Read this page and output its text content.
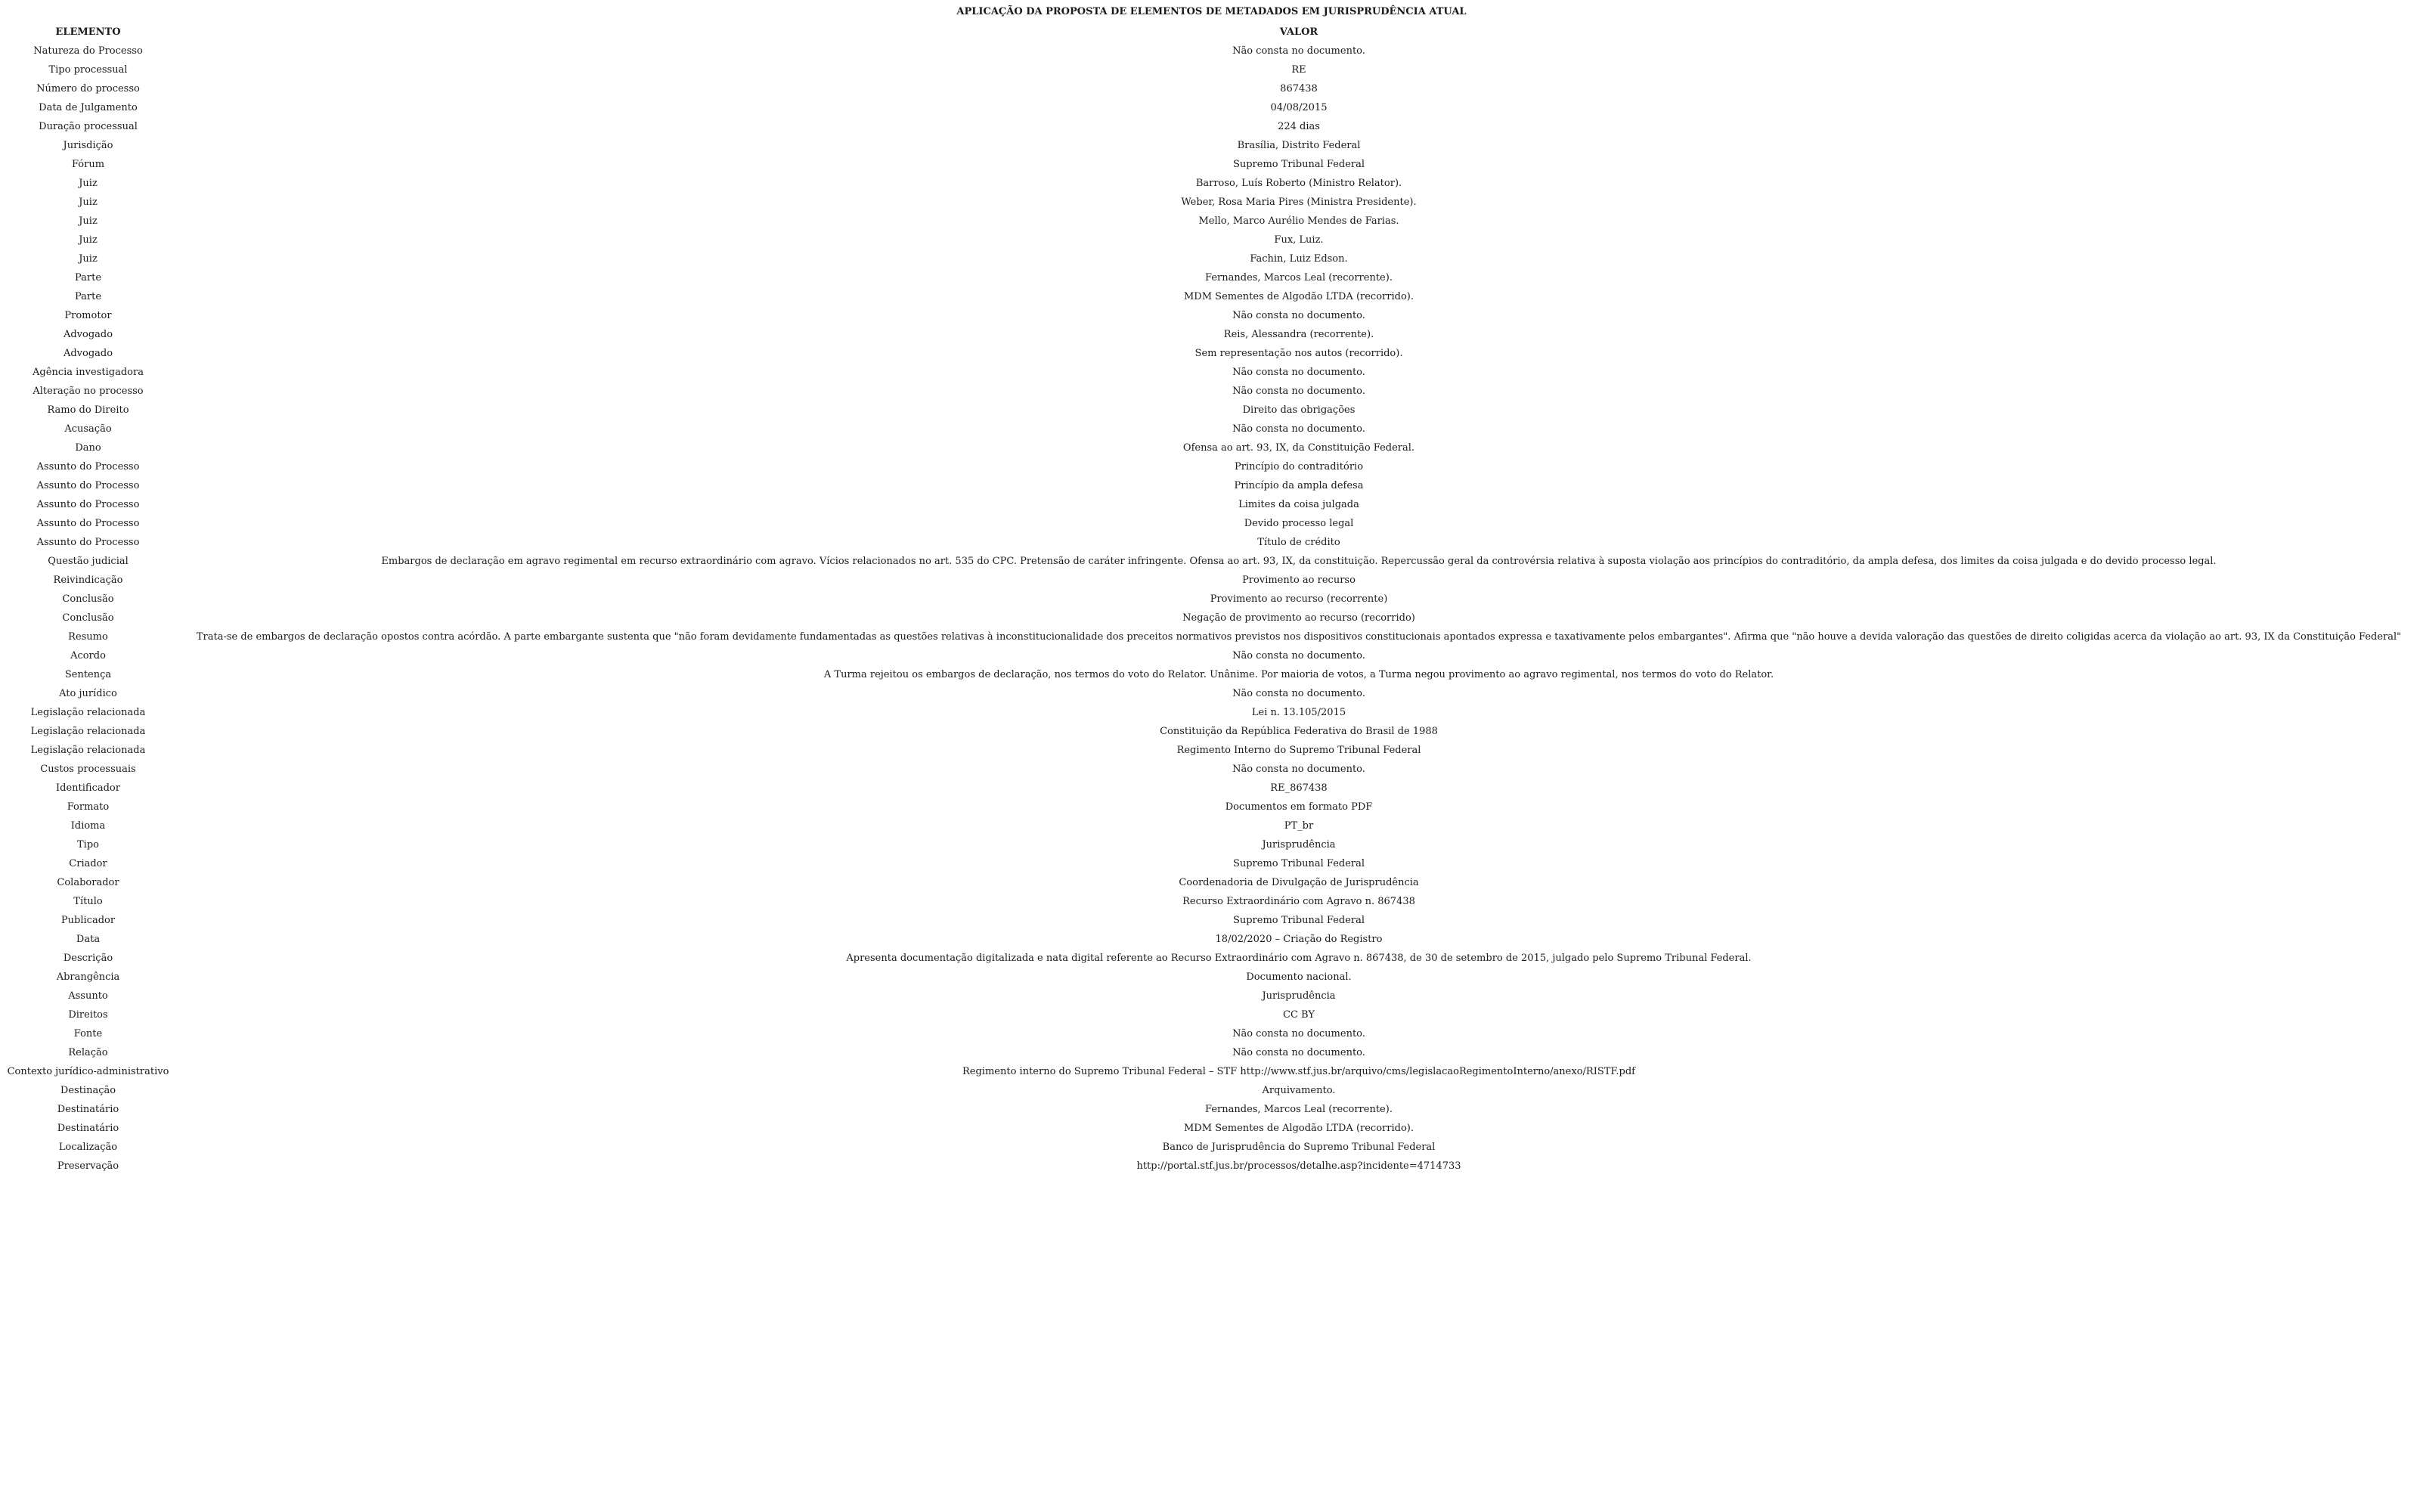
APLICAÇÃO DA PROPOSTA DE ELEMENTOS DE METADADOS EM JURISPRUDÊNCIA ATUAL
ELEMENTO	VALOR
Natureza do Processo	Não consta no documento.
Tipo processual	RE
Número do processo	867438
Data de Julgamento	04/08/2015
Duração processual	224 dias
Jurisdição	Brasília, Distrito Federal
Fórum	Supremo Tribunal Federal
Juiz	Barroso, Luís Roberto (Ministro Relator).
Juiz	Weber, Rosa Maria Pires (Ministra Presidente).
Juiz	Mello, Marco Aurélio Mendes de Farias.
Juiz	Fux, Luiz.
Juiz	Fachin, Luiz Edson.
Parte	Fernandes, Marcos Leal (recorrente).
Parte	MDM Sementes de Algodão LTDA (recorrido).
Promotor	Não consta no documento.
Advogado	Reis, Alessandra (recorrente).
Advogado	Sem representação nos autos (recorrido).
Agência investigadora	Não consta no documento.
Alteração no processo	Não consta no documento.
Ramo do Direito	Direito das obrigações
Acusação	Não consta no documento.
Dano	Ofensa ao art. 93, IX, da Constituição Federal.
Assunto do Processo	Princípio do contraditório
Assunto do Processo	Princípio da ampla defesa
Assunto do Processo	Limites da coisa julgada
Assunto do Processo	Devido processo legal
Assunto do Processo	Título de crédito
Questão judicial	Embargos de declaração em agravo regimental em recurso extraordinário com agravo. Vícios relacionados no art. 535 do CPC. Pretensão de caráter infringente. Ofensa ao art. 93, IX, da constituição. Repercussão geral da controvérsia relativa à suposta violação aos princípios do contraditório, da ampla defesa, dos limites da coisa julgada e do devido processo legal.
Reivindicação	Provimento ao recurso
Conclusão	Provimento ao recurso (recorrente)
Conclusão	Negação de provimento ao recurso (recorrido)
Resumo	Trata-se de embargos de declaração opostos contra acórdão. A parte embargante sustenta que "não foram devidamente fundamentadas as questões relativas à inconstitucionalidade dos preceitos normativos previstos nos dispositivos constitucionais apontados expressa e taxativamente pelos embargantes". Afirma que "não houve a devida valoração das questões de direito coligidas acerca da violação ao art. 93, IX da Constituição Federal"
Acordo	Não consta no documento.
Sentença	A Turma rejeitou os embargos de declaração, nos termos do voto do Relator. Unânime. Por maioria de votos, a Turma negou provimento ao agravo regimental, nos termos do voto do Relator.
Ato jurídico	Não consta no documento.
Legislação relacionada	Lei n. 13.105/2015
Legislação relacionada	Constituição da República Federativa do Brasil de 1988
Legislação relacionada	Regimento Interno do Supremo Tribunal Federal
Custos processuais	Não consta no documento.
Identificador	RE_867438
Formato	Documentos em formato PDF
Idioma	PT_br
Tipo	Jurisprudência
Criador	Supremo Tribunal Federal
Colaborador	Coordenadoria de Divulgação de Jurisprudência
Título	Recurso Extraordinário com Agravo n. 867438
Publicador	Supremo Tribunal Federal
Data	18/02/2020 – Criação do Registro
Descrição	Apresenta documentação digitalizada e nata digital referente ao Recurso Extraordinário com Agravo n. 867438, de 30 de setembro de 2015, julgado pelo Supremo Tribunal Federal.
Abrangência	Documento nacional.
Assunto	Jurisprudência
Direitos	CC BY
Fonte	Não consta no documento.
Relação	Não consta no documento.
Contexto jurídico-administrativo	Regimento interno do Supremo Tribunal Federal – STF http://www.stf.jus.br/arquivo/cms/legislacaoRegimentoInterno/anexo/RISTF.pdf
Destinação	Arquivamento.
Destinatário	Fernandes, Marcos Leal (recorrente).
Destinatário	MDM Sementes de Algodão LTDA (recorrido).
Localização	Banco de Jurisprudência do Supremo Tribunal Federal
Preservação	http://portal.stf.jus.br/processos/detalhe.asp?incidente=4714733
